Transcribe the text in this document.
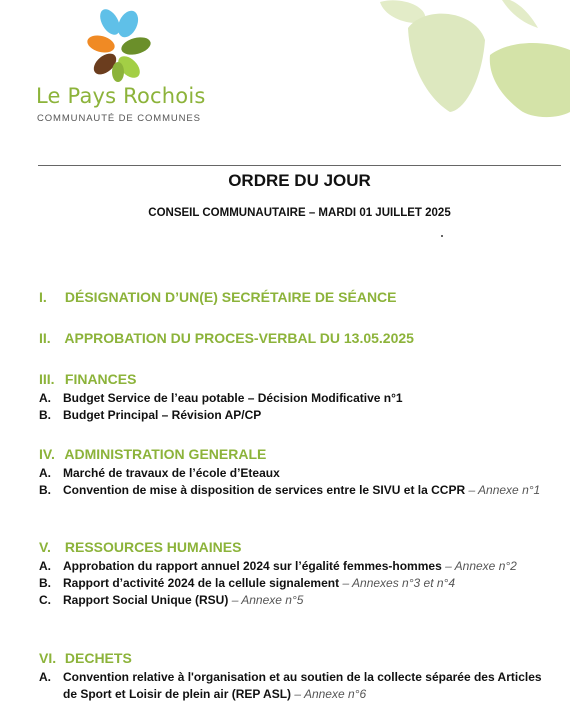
Le Pays Rochois
COMMUNAUTÉ DE COMMUNES
ORDRE DU JOUR
CONSEIL COMMUNAUTAIRE – MARDI 01 JUILLET 2025
I. DÉSIGNATION D’UN(E) SECRÉTAIRE DE SÉANCE
II. APPROBATION DU PROCES-VERBAL DU 13.05.2025
III. FINANCES
A. Budget Service de l’eau potable – Décision Modificative n°1
B. Budget Principal – Révision AP/CP
IV. ADMINISTRATION GENERALE
A. Marché de travaux de l’école d’Eteaux
B. Convention de mise à disposition de services entre le SIVU et la CCPR – Annexe n°1
V. RESSOURCES HUMAINES
A. Approbation du rapport annuel 2024 sur l’égalité femmes-hommes – Annexe n°2
B. Rapport d’activité 2024 de la cellule signalement – Annexes n°3 et n°4
C. Rapport Social Unique (RSU) – Annexe n°5
VI. DECHETS
A. Convention relative à l'organisation et au soutien de la collecte séparée des Articles de Sport et Loisir de plein air (REP ASL) – Annexe n°6
